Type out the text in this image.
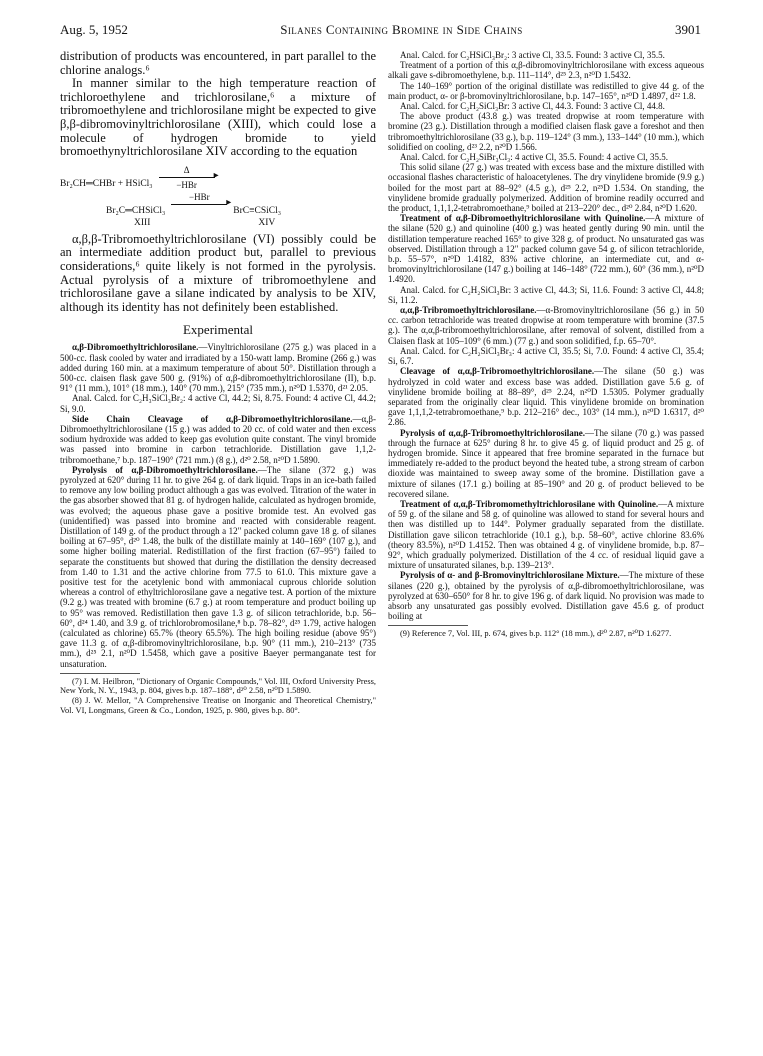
Aug. 5, 1952	Silanes Containing Bromine in Side Chains	3901

distribution of products was encountered, in part parallel to the chlorine analogs.⁶

In manner similar to the high temperature reaction of trichloroethylene and trichlorosilane,⁶ a mixture of tribromoethylene and trichlorosilane might be expected to give β,β-dibromovinyltrichlorosilane (XIII), which could lose a molecule of hydrogen bromide to yield bromoethynyltrichlorosilane XIV according to the equation

Br₂CH═CHBr + HSiCl₃
Δ
▸
−HBr
Br₂C═CHSiCl₃
−HBr
▸
BrC≡CSiCl₃
XIII	XIV

α,β,β-Tribromoethyltrichlorosilane (VI) possibly could be an intermediate addition product but, parallel to previous considerations,⁶ quite likely is not formed in the pyrolysis. Actual pyrolysis of a mixture of tribromoethylene and trichlorosilane gave a silane indicated by analysis to be XIV, although its identity has not definitely been established.

Experimental

α,β-Dibromoethyltrichlorosilane.—Vinyltrichlorosilane (275 g.) was placed in a 500-cc. flask cooled by water and irradiated by a 150-watt lamp. Bromine (266 g.) was added during 160 min. at a maximum temperature of about 50°. Distillation through a 500-cc. claisen flask gave 500 g. (91%) of α,β-dibromoethyltrichlorosilane (II), b.p. 91° (11 mm.), 101° (18 mm.), 140° (70 mm.), 215° (735 mm.), n²⁰D 1.5370, d²¹ 2.05.

Anal. Calcd. for C₂H₃SiCl₃Br₂: 4 active Cl, 44.2; Si, 8.75. Found: 4 active Cl, 44.2; Si, 9.0.

Side Chain Cleavage of α,β-Dibromoethyltrichlorosilane.—α,β-Dibromoethyltrichlorosilane (15 g.) was added to 20 cc. of cold water and then excess sodium hydroxide was added to keep gas evolution quite constant. The vinyl bromide was passed into bromine in carbon tetrachloride. Distillation gave 1,1,2-tribromoethane,⁷ b.p. 187–190° (721 mm.) (8 g.), d²⁰ 2.58, n²⁰D 1.5890.

Pyrolysis of α,β-Dibromoethyltrichlorosilane.—The silane (372 g.) was pyrolyzed at 620° during 11 hr. to give 264 g. of dark liquid. Traps in an ice-bath failed to remove any low boiling product although a gas was evolved. Titration of the water in the gas absorber showed that 81 g. of hydrogen halide, calculated as hydrogen bromide, was evolved; the aqueous phase gave a positive bromide test. An evolved gas (unidentified) was passed into bromine and reacted with considerable reagent. Distillation of 149 g. of the product through a 12" packed column gave 18 g. of silanes boiling at 67–95°, d²⁰ 1.48, the bulk of the distillate mainly at 140–169° (107 g.), and some higher boiling material. Redistillation of the first fraction (67–95°) failed to separate the constituents but showed that during the distillation the density decreased from 1.40 to 1.31 and the active chlorine from 77.5 to 61.0. This mixture gave a positive test for the acetylenic bond with ammoniacal cuprous chloride solution whereas a control of ethyltrichlorosilane gave a negative test. A portion of the mixture (9.2 g.) was treated with bromine (6.7 g.) at room temperature and product boiling up to 95° was removed. Redistillation then gave 1.3 g. of silicon tetrachloride, b.p. 56–60°, d²⁴ 1.40, and 3.9 g. of trichlorobromosilane,⁸ b.p. 78–82°, d²⁵ 1.79, active halogen (calculated as chlorine) 65.7% (theory 65.5%). The high boiling residue (above 95°) gave 11.3 g. of α,β-dibromovinyltrichlorosilane, b.p. 90° (11 mm.), 210–213° (735 mm.), d²⁵ 2.1, n²⁰D 1.5458, which gave a positive Baeyer permanganate test for unsaturation.

(7) I. M. Heilbron, "Dictionary of Organic Compounds," Vol. III, Oxford University Press, New York, N. Y., 1943, p. 804, gives b.p. 187–188°, d²⁰ 2.58, n²⁰D 1.5890.

(8) J. W. Mellor, "A Comprehensive Treatise on Inorganic and Theoretical Chemistry," Vol. VI, Longmans, Green & Co., London, 1925, p. 980, gives b.p. 80°.

Anal. Calcd. for C₂HSiCl₃Br₂: 3 active Cl, 33.5. Found: 3 active Cl, 35.5.

Treatment of a portion of this α,β-dibromovinyltrichlorosilane with excess aqueous alkali gave s-dibromoethylene, b.p. 111–114°, d²⁵ 2.3, n²⁰D 1.5432.

The 140–169° portion of the original distillate was redistilled to give 44 g. of the main product, α- or β-bromovinyltrichlorosilane, b.p. 147–165°, n²⁰D 1.4897, d²² 1.8.

Anal. Calcd. for C₂H₂SiCl₃Br: 3 active Cl, 44.3. Found: 3 active Cl, 44.8.

The above product (43.8 g.) was treated dropwise at room temperature with bromine (23 g.). Distillation through a modified claisen flask gave a foreshot and then tribromoethyltrichlorosilane (33 g.), b.p. 119–124° (3 mm.), 133–144° (10 mm.), which solidified on cooling, d²³ 2.2, n²⁰D 1.566.

Anal. Calcd. for C₂H₂SiBr₃Cl₃: 4 active Cl, 35.5. Found: 4 active Cl, 35.5.

This solid silane (27 g.) was treated with excess base and the mixture distilled with occasional flashes characteristic of haloacetylenes. The dry vinylidene bromide (9.9 g.) boiled for the most part at 88–92° (4.5 g.), d²⁵ 2.2, n²⁵D 1.534. On standing, the vinylidene bromide gradually polymerized. Addition of bromine readily occurred and the product, 1,1,1,2-tetrabromoethane,⁹ boiled at 213–220° dec., d²⁰ 2.84, n²⁰D 1.620.

Treatment of α,β-Dibromoethyltrichlorosilane with Quinoline.—A mixture of the silane (520 g.) and quinoline (400 g.) was heated gently during 90 min. until the distillation temperature reached 165° to give 328 g. of product. No unsaturated gas was observed. Distillation through a 12" packed column gave 54 g. of silicon tetrachloride, b.p. 55–57°, n²⁰D 1.4182, 83% active chlorine, an intermediate cut, and α-bromovinyltrichlorosilane (147 g.) boiling at 146–148° (722 mm.), 60° (36 mm.), n²⁰D 1.4920.

Anal. Calcd. for C₂H₂SiCl₃Br: 3 active Cl, 44.3; Si, 11.6. Found: 3 active Cl, 44.8; Si, 11.2.

α,α,β-Tribromoethyltrichlorosilane.—α-Bromovinyltrichlorosilane (56 g.) in 50 cc. carbon tetrachloride was treated dropwise at room temperature with bromine (37.5 g.). The α,α,β-tribromoethyltrichlorosilane, after removal of solvent, distilled from a Claisen flask at 105–109° (6 mm.) (77 g.) and soon solidified, f.p. 65–70°.

Anal. Calcd. for C₂H₂SiCl₃Br₃: 4 active Cl, 35.5; Si, 7.0. Found: 4 active Cl, 35.4; Si, 6.7.

Cleavage of α,α,β-Tribromoethyltrichlorosilane.—The silane (50 g.) was hydrolyzed in cold water and excess base was added. Distillation gave 5.6 g. of vinylidene bromide boiling at 88–89°, d²⁵ 2.24, n²⁰D 1.5305. Polymer gradually separated from the originally clear liquid. This vinylidene bromide on bromination gave 1,1,1,2-tetrabromoethane,⁹ b.p. 212–216° dec., 103° (14 mm.), n²⁰D 1.6317, d²⁰ 2.86.

Pyrolysis of α,α,β-Tribromoethyltrichlorosilane.—The silane (70 g.) was passed through the furnace at 625° during 8 hr. to give 45 g. of liquid product and 25 g. of hydrogen bromide. Since it appeared that free bromine separated in the furnace but immediately re-added to the product beyond the heated tube, a strong stream of carbon dioxide was maintained to sweep away some of the bromine. Distillation gave a mixture of silanes (17.1 g.) boiling at 85–190° and 20 g. of product believed to be recovered silane.

Treatment of α,α,β-Tribromomethyltrichlorosilane with Quinoline.—A mixture of 59 g. of the silane and 58 g. of quinoline was allowed to stand for several hours and then was distilled up to 144°. Polymer gradually separated from the distillate. Distillation gave silicon tetrachloride (10.1 g.), b.p. 58–60°, active chlorine 83.6% (theory 83.5%), n²⁰D 1.4152. Then was obtained 4 g. of vinylidene bromide, b.p. 87–92°, which gradually polymerized. Distillation of the 4 cc. of residual liquid gave a mixture of unsaturated silanes, b.p. 139–213°.

Pyrolysis of α- and β-Bromovinyltrichlorosilane Mixture.—The mixture of these silanes (220 g.), obtained by the pyrolysis of α,β-dibromoethyltrichlorosilane, was pyrolyzed at 630–650° for 8 hr. to give 196 g. of dark liquid. No provision was made to absorb any unsaturated gas possibly evolved. Distillation gave 45.6 g. of product boiling at

(9) Reference 7, Vol. III, p. 674, gives b.p. 112° (18 mm.), d²⁰ 2.87, n²⁰D 1.6277.
